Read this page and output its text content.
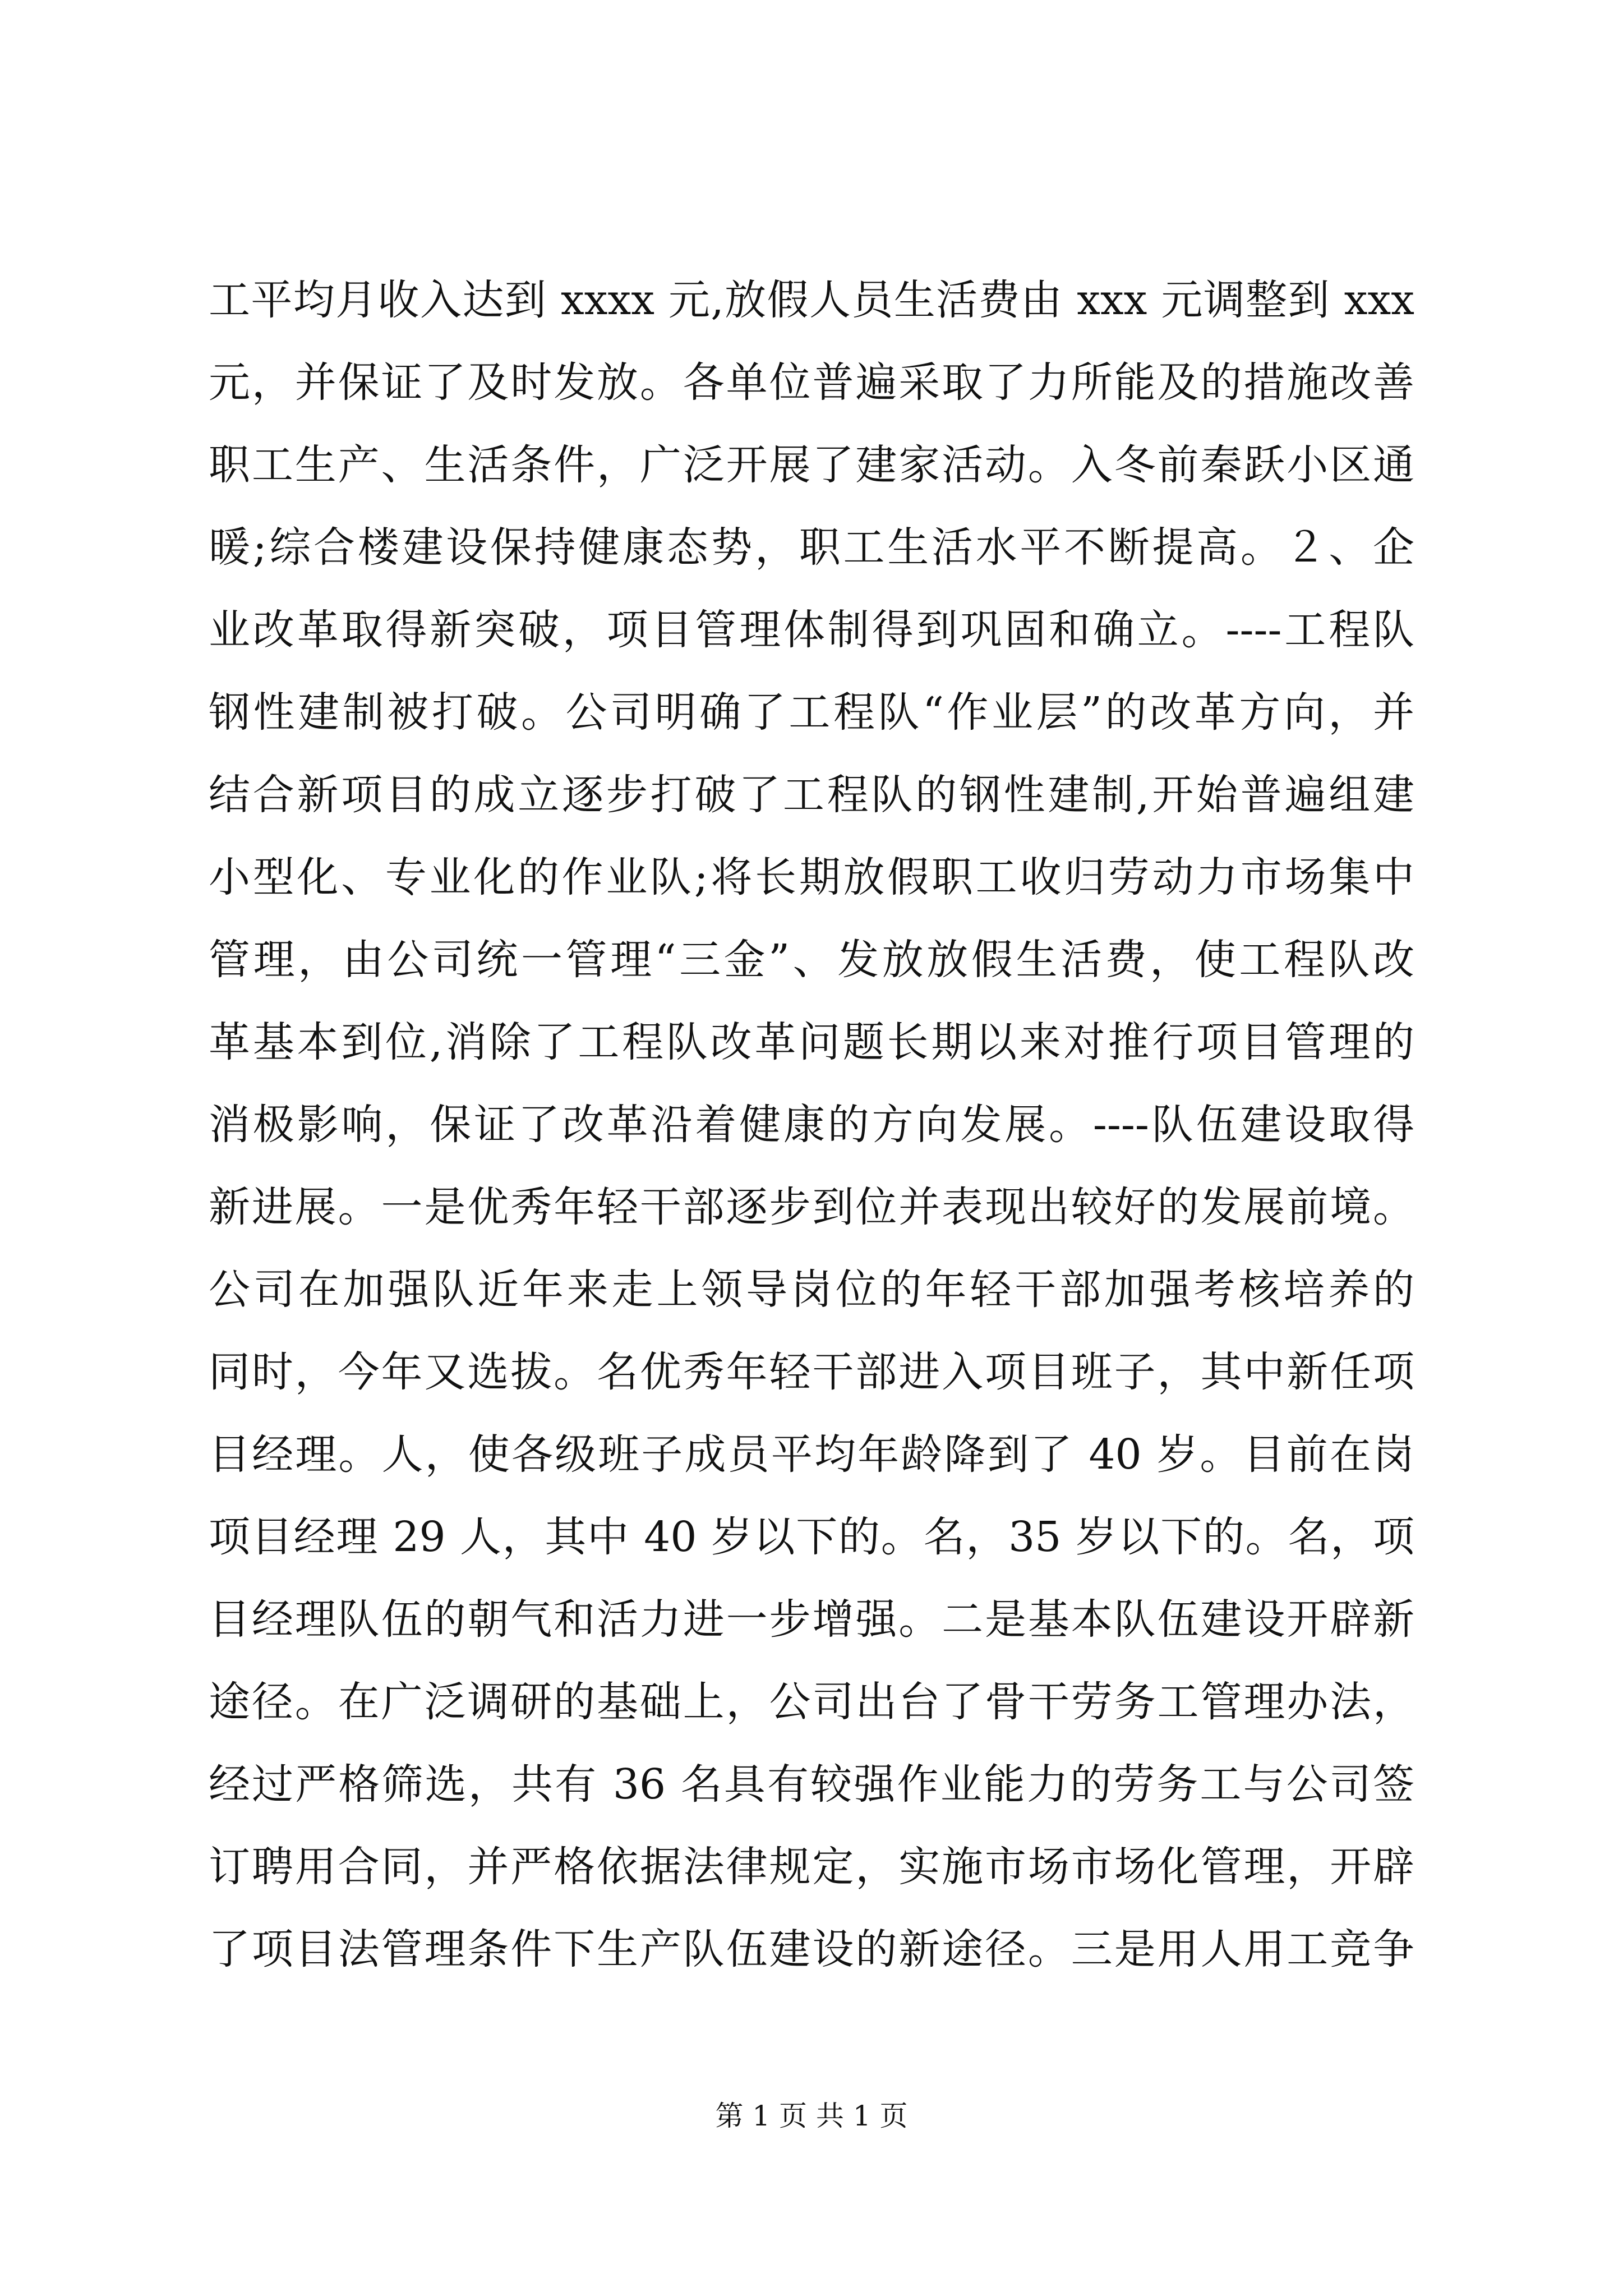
工平均月收入达到 xxxx 元,放假人员生活费由 xxx 元调整到 xxx
元，并保证了及时发放。各单位普遍采取了力所能及的措施改善
职工生产、生活条件，广泛开展了建家活动。入冬前秦跃小区通
暖;综合楼建设保持健康态势，职工生活水平不断提高。２、企
业改革取得新突破，项目管理体制得到巩固和确立。----工程队
钢性建制被打破。公司明确了工程队“作业层”的改革方向，并
结合新项目的成立逐步打破了工程队的钢性建制,开始普遍组建
小型化、专业化的作业队;将长期放假职工收归劳动力市场集中
管理，由公司统一管理“三金”、发放放假生活费，使工程队改
革基本到位,消除了工程队改革问题长期以来对推行项目管理的
消极影响，保证了改革沿着健康的方向发展。----队伍建设取得
新进展。一是优秀年轻干部逐步到位并表现出较好的发展前境。
公司在加强队近年来走上领导岗位的年轻干部加强考核培养的
同时，今年又选拔。名优秀年轻干部进入项目班子，其中新任项
目经理。人，使各级班子成员平均年龄降到了 40 岁。目前在岗
项目经理 29 人，其中 40 岁以下的。名，35 岁以下的。名，项
目经理队伍的朝气和活力进一步增强。二是基本队伍建设开辟新
途径。在广泛调研的基础上，公司出台了骨干劳务工管理办法，
经过严格筛选，共有 36 名具有较强作业能力的劳务工与公司签
订聘用合同，并严格依据法律规定，实施市场市场化管理，开辟
了项目法管理条件下生产队伍建设的新途径。三是用人用工竞争
第 1 页 共 1 页
